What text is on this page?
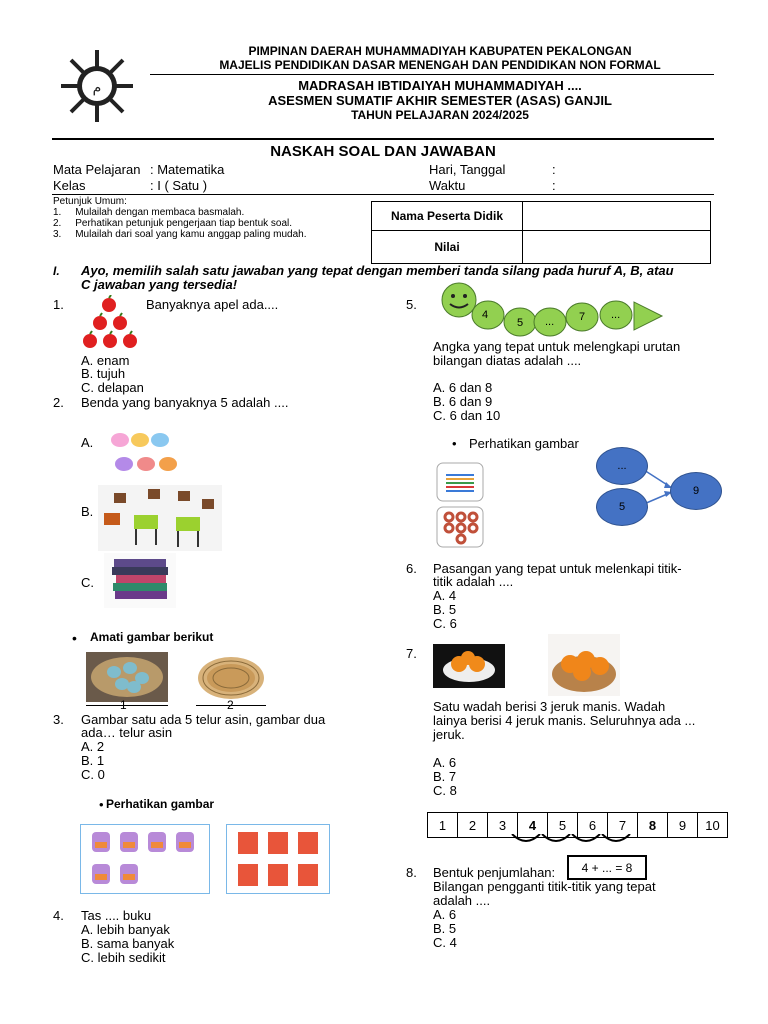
ﻡ
PIMPINAN DAERAH MUHAMMADIYAH KABUPATEN PEKALONGAN
MAJELIS PENDIDIKAN DASAR MENENGAH DAN PENDIDIKAN NON FORMAL
MADRASAH IBTIDAIYAH MUHAMMADIYAH ....
ASESMEN SUMATIF AKHIR SEMESTER (ASAS) GANJIL
TAHUN PELAJARAN 2024/2025
NASKAH SOAL DAN JAWABAN
Mata Pelajaran : Matematika
Kelas	: I ( Satu )
Hari, Tanggal	:
Waktu	:
Petunjuk Umum:
1.     Mulailah dengan membaca basmalah.
2.     Perhatikan petunjuk pengerjaan tiap bentuk soal.
3.     Mulailah dari soal yang kamu anggap paling mudah.
Nama Peserta Didik	
Nilai	
I. Ayo, memilih salah satu jawaban yang tepat dengan memberi tanda silang pada huruf A, B, atau
C jawaban yang tersedia!
1.	Banyaknya apel ada....
A. enam
B. tujuh
C. delapan
2. Benda yang banyaknya 5 adalah ....
A.
B.
C.
• Amati gambar berikut
3. Gambar satu ada 5 telur asin, gambar dua
ada… telur asin
A. 2
B. 1
C. 0
• Perhatikan gambar
4. Tas .... buku
A. lebih banyak
B. sama banyak
C. lebih sedikit
5.
4
5 ... 7 ...
Angka yang tepat untuk melengkapi urutan
bilangan diatas adalah ....
A. 6 dan 8
B. 6 dan 9
C. 6 dan 10
• Perhatikan gambar
...
5
9
6. Pasangan yang tepat untuk melenkapi titik-
titik adalah ....
A. 4
B. 5
C. 6
7.
Satu wadah berisi 3 jeruk manis. Wadah
lainya berisi 4 jeruk manis. Seluruhnya ada ...
jeruk.
A. 6
B. 7
C. 8
1	2	3	4	5	6	7	8	9	10
8. Bentuk penjumlahan:	4 + ... = 8
Bilangan pengganti titik-titik yang tepat
adalah ....
A. 6
B. 5
C. 4
